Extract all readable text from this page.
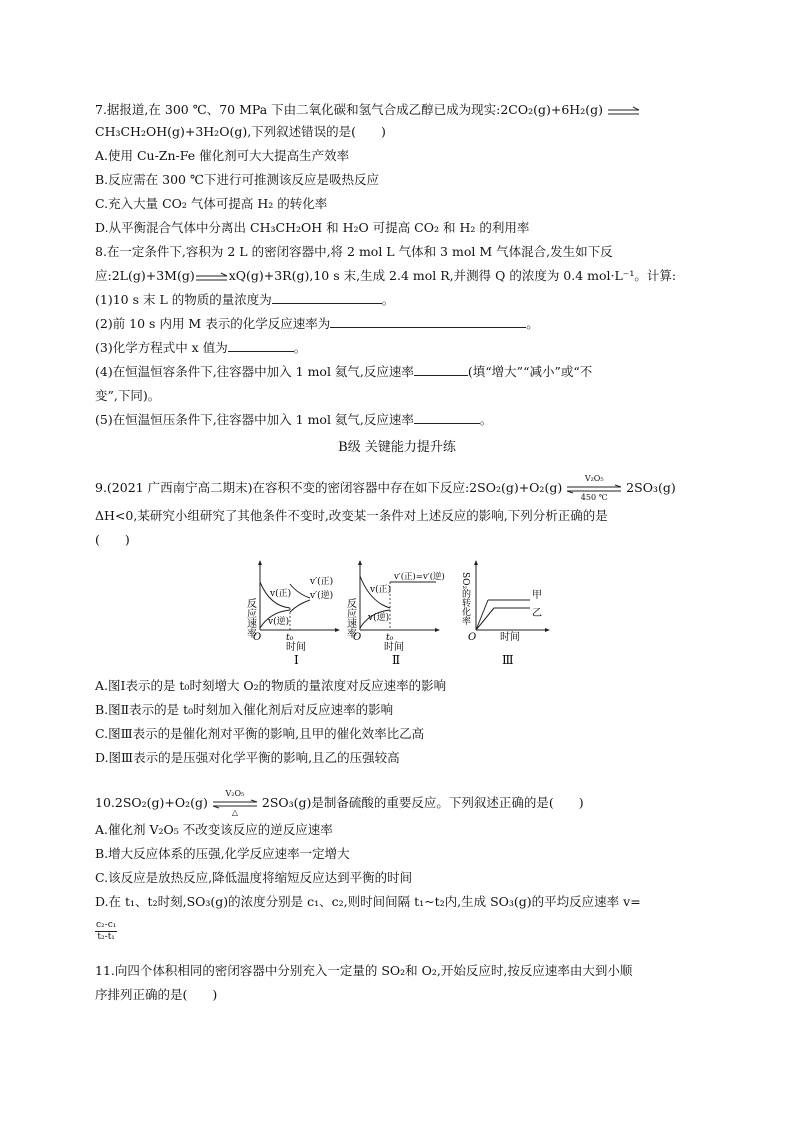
7.据报道,在 300 ℃、70 MPa 下由二氧化碳和氢气合成乙醇已成为现实:2CO₂(g)+6H₂(g)
CH₃CH₂OH(g)+3H₂O(g),下列叙述错误的是(　　)
A.使用 Cu-Zn-Fe 催化剂可大大提高生产效率
B.反应需在 300 ℃下进行可推测该反应是吸热反应
C.充入大量 CO₂ 气体可提高 H₂ 的转化率
D.从平衡混合气体中分离出 CH₃CH₂OH 和 H₂O 可提高 CO₂ 和 H₂ 的利用率
8.在一定条件下,容积为 2 L 的密闭容器中,将 2 mol L 气体和 3 mol M 气体混合,发生如下反
应:2L(g)+3M(g)	xQ(g)+3R(g),10 s 末,生成 2.4 mol R,并测得 Q 的浓度为 0.4 mol·L⁻¹。计算:
(1)10 s 末 L 的物质的量浓度为	。
(2)前 10 s 内用 M 表示的化学反应速率为	。
(3)化学方程式中 x 值为	。
(4)在恒温恒容条件下,往容器中加入 1 mol 氦气,反应速率	(填“增大”“减小”或“不
变”,下同)。
(5)在恒温恒压条件下,往容器中加入 1 mol 氦气,反应速率	。
B级 关键能力提升练
9.(2021 广西南宁高二期末)在容积不变的密闭容器中存在如下反应:2SO₂(g)+O₂(g)
V₂O₅
450 ℃
2SO₃(g)
ΔH<0,某研究小组研究了其他条件不变时,改变某一条件对上述反应的影响,下列分析正确的是
(　　)
反应速率
v(正)
v(逆)
v′(正)
v′(逆)
O	t₀
时间
Ⅰ
反应速率
v(正)
v(逆)
v′(正)=v′(逆)
O	t₀
时间
Ⅱ
SO₂的转化率	甲
乙
O 时间
Ⅲ
A.图Ⅰ表示的是 t₀时刻增大 O₂的物质的量浓度对反应速率的影响
B.图Ⅱ表示的是 t₀时刻加入催化剂后对反应速率的影响
C.图Ⅲ表示的是催化剂对平衡的影响,且甲的催化效率比乙高
D.图Ⅲ表示的是压强对化学平衡的影响,且乙的压强较高
10.2SO₂(g)+O₂(g)
V₂O₅
△
2SO₃(g)是制备硫酸的重要反应。下列叙述正确的是(　　)
A.催化剂 V₂O₅ 不改变该反应的逆反应速率
B.增大反应体系的压强,化学反应速率一定增大
C.该反应是放热反应,降低温度将缩短反应达到平衡的时间
D.在 t₁、t₂时刻,SO₃(g)的浓度分别是 c₁、c₂,则时间间隔 t₁~t₂内,生成 SO₃(g)的平均反应速率 v=
$\frac{\text{c₂-c₁}}{\text{t₂-t₁}}$
11.向四个体积相同的密闭容器中分别充入一定量的 SO₂和 O₂,开始反应时,按反应速率由大到小顺
序排列正确的是(　　)
